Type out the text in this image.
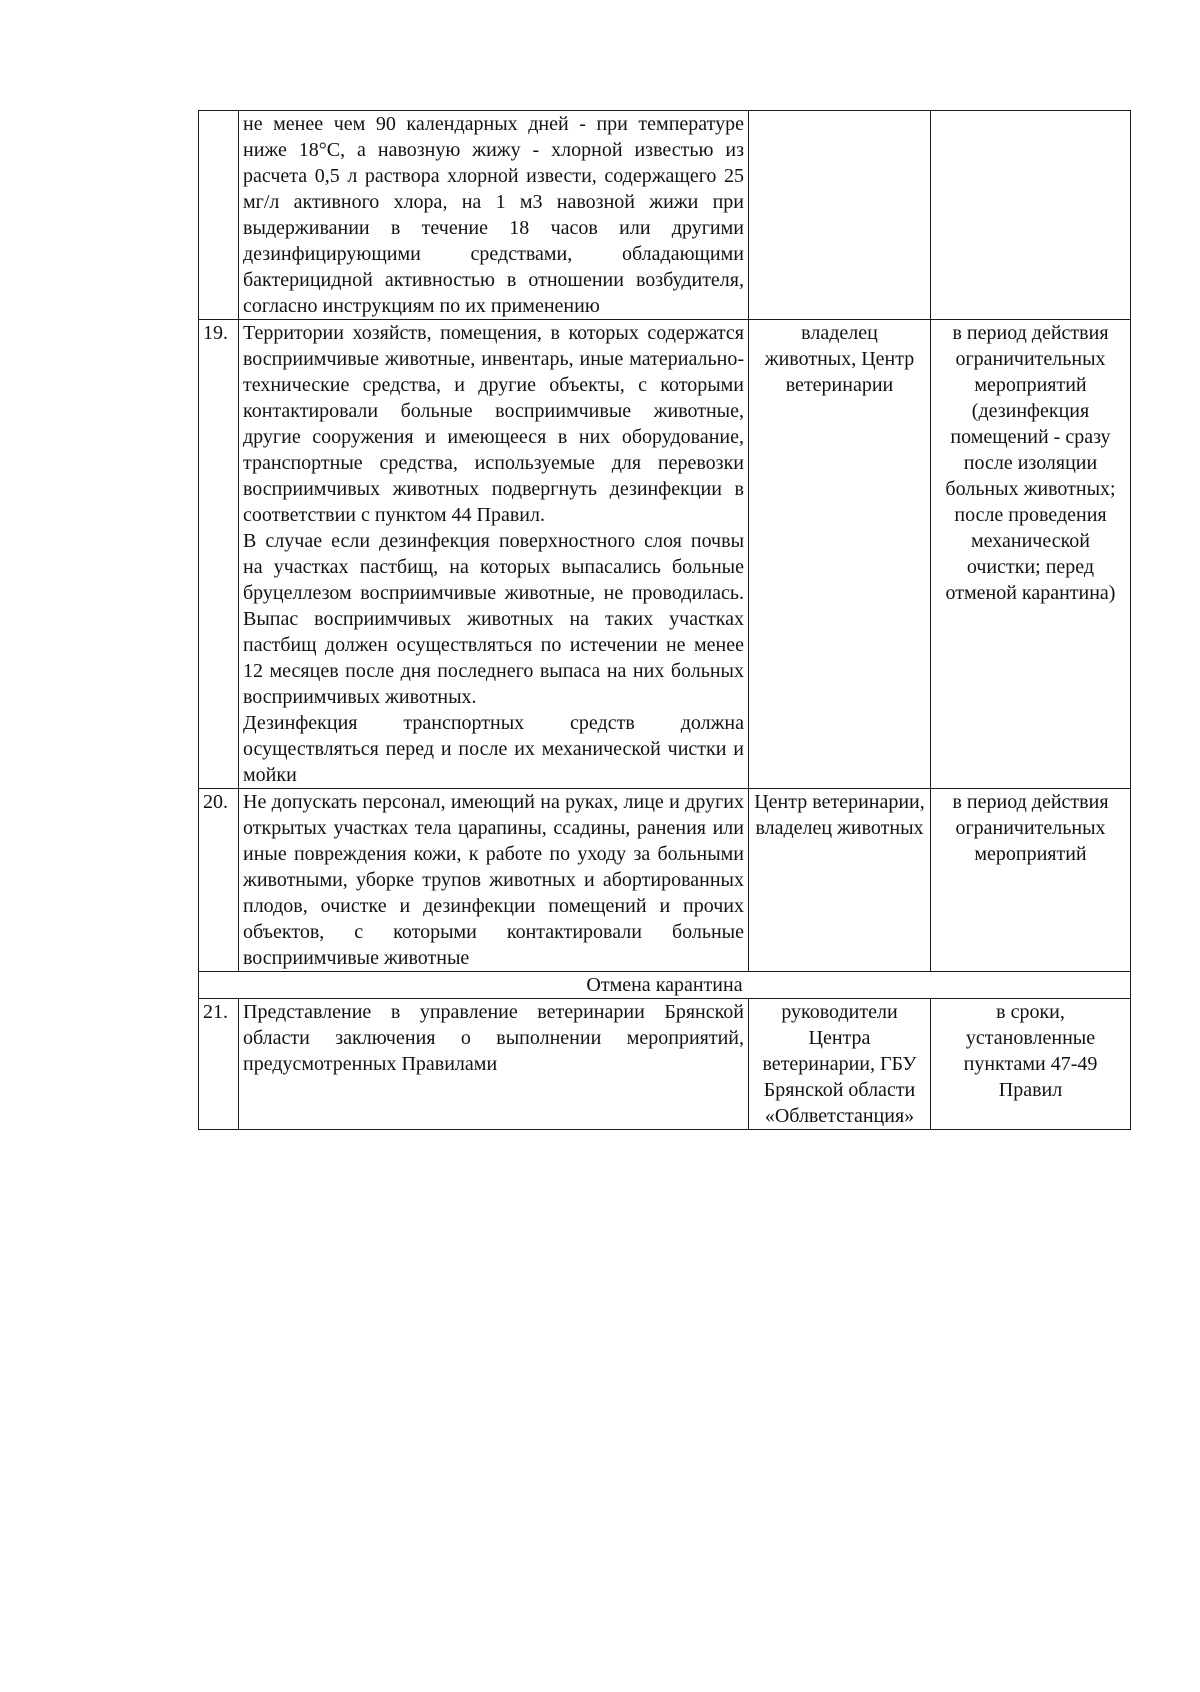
	не менее чем 90 календарных дней - при температуре ниже 18°С, а навозную жижу - хлорной известью из расчета 0,5 л раствора хлорной извести, содержащего 25 мг/л активного хлора, на 1 м3 навозной жижи при выдерживании в течение 18 часов или другими дезинфицирующими средствами, обладающими бактерицидной активностью в отношении возбудителя, согласно инструкциям по их применению		

19.	Территории хозяйств, помещения, в которых содержатся восприимчивые животные, инвентарь, иные материально-технические средства, и другие объекты, с которыми контактировали больные восприимчивые животные, другие сооружения и имеющееся в них оборудование, транспортные средства, используемые для перевозки восприимчивых животных подвергнуть дезинфекции в соответствии с пунктом 44 Правил.

В случае если дезинфекция поверхностного слоя почвы на участках пастбищ, на которых выпасались больные бруцеллезом восприимчивые животные, не проводилась. Выпас восприимчивых животных на таких участках пастбищ должен осуществляться по истечении не менее 12 месяцев после дня последнего выпаса на них больных восприимчивых животных.

Дезинфекция транспортных средств должна осуществляться перед и после их механической чистки и мойки	владелец животных, Центр ветеринарии	в период действия ограничительных мероприятий (дезинфекция помещений - сразу после изоляции больных животных; после проведения механической очистки; перед отменой карантина)
20.	Не допускать персонал, имеющий на руках, лице и других открытых участках тела царапины, ссадины, ранения или иные повреждения кожи, к работе по уходу за больными животными, уборке трупов животных и абортированных плодов, очистке и дезинфекции помещений и прочих объектов, с которыми контактировали больные восприимчивые животные	Центр ветеринарии, владелец животных	в период действия ограничительных мероприятий
Отмена карантина			
21.	Представление в управление ветеринарии Брянской области заключения о выполнении мероприятий, предусмотренных Правилами	руководители Центра ветеринарии, ГБУ Брянской области «Облветстанция»	в сроки, установленные пунктами 47-49 Правил
